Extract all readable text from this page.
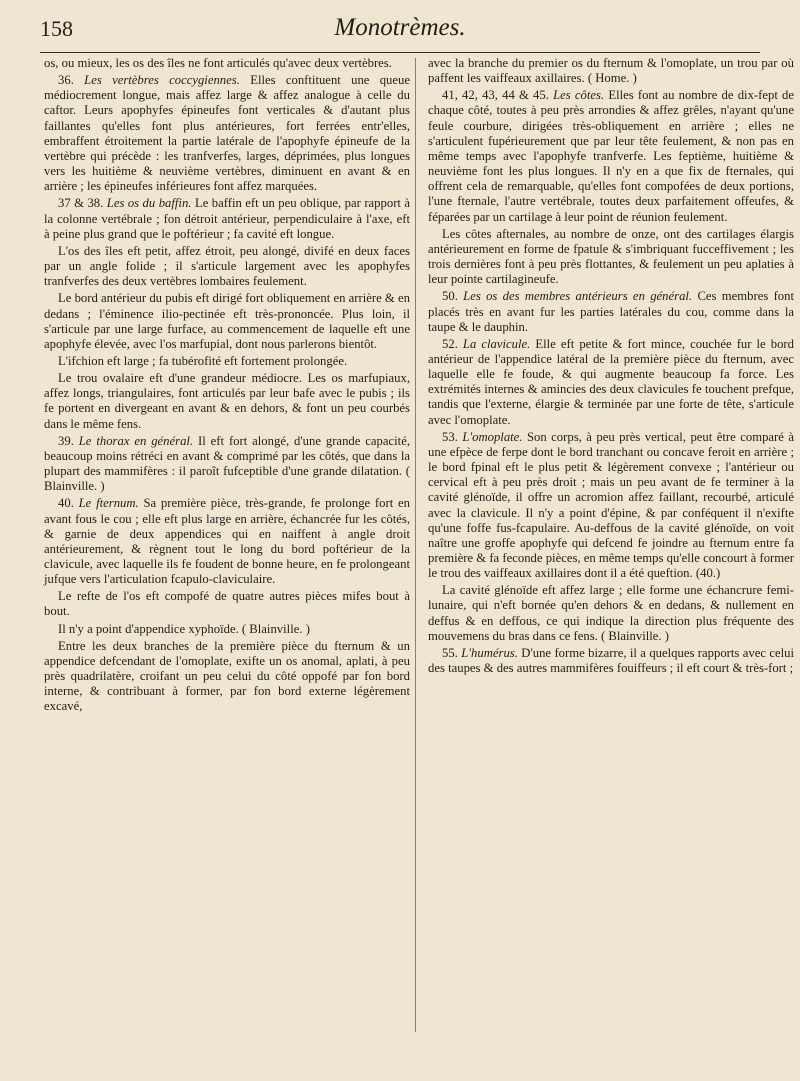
158	Monotrèmes.

os, ou mieux, les os des îles ne font articulés qu'avec deux vertèbres.

36. Les vertèbres coccygiennes. Elles conftituent une queue médiocrement longue, mais affez large & affez analogue à celle du caftor. Leurs apophyfes épineufes font verticales & d'autant plus faillantes qu'elles font plus antérieures, fort ferrées entr'elles, embraffent étroitement la partie latérale de l'apophyfe épineufe de la vertèbre qui précède : les tranfverfes, larges, déprimées, plus longues vers les huitième & neuvième vertèbres, diminuent en avant & en arrière ; les épineufes inférieures font affez marquées.

37 & 38. Les os du baffin. Le baffin eft un peu oblique, par rapport à la colonne vertébrale ; fon détroit antérieur, perpendiculaire à l'axe, eft à peine plus grand que le poftérieur ; fa cavité eft longue.

L'os des îles eft petit, affez étroit, peu alongé, divifé en deux faces par un angle folide ; il s'articule largement avec les apophyfes tranfverfes des deux vertèbres lombaires feulement.

Le bord antérieur du pubis eft dirigé fort obliquement en arrière & en dedans ; l'éminence ilio-pectinée eft très-prononcée. Plus loin, il s'articule par une large furface, au commencement de laquelle eft une apophyfe élevée, avec l'os marfupial, dont nous parlerons bientôt.

L'ifchion eft large ; fa tubérofité eft fortement prolongée.

Le trou ovalaire eft d'une grandeur médiocre. Les os marfupiaux, affez longs, triangulaires, font articulés par leur bafe avec le pubis ; ils fe portent en divergeant en avant & en dehors, & font un peu courbés dans le même fens.

39. Le thorax en général. Il eft fort alongé, d'une grande capacité, beaucoup moins rétréci en avant & comprimé par les côtés, que dans la plupart des mammifères : il paroît fufceptible d'une grande dilatation. ( Blainville. )

40. Le fternum. Sa première pièce, très-grande, fe prolonge fort en avant fous le cou ; elle eft plus large en arrière, échancrée fur les côtés, & garnie de deux appendices qui en naiffent à angle droit antérieurement, & règnent tout le long du bord poftérieur de la clavicule, avec laquelle ils fe foudent de bonne heure, en fe prolongeant jufque vers l'articulation fcapulo-claviculaire.

Le refte de l'os eft compofé de quatre autres pièces mifes bout à bout.

Il n'y a point d'appendice xyphoïde. ( Blainville. )

Entre les deux branches de la première pièce du fternum & un appendice defcendant de l'omoplate, exifte un os anomal, aplati, à peu près quadrilatère, croifant un peu celui du côté oppofé par fon bord interne, & contribuant à former, par fon bord externe légèrement excavé,

avec la branche du premier os du fternum & l'omoplate, un trou par où paffent les vaiffeaux axillaires. ( Home. )

41, 42, 43, 44 & 45. Les côtes. Elles font au nombre de dix-fept de chaque côté, toutes à peu près arrondies & affez grêles, n'ayant qu'une feule courbure, dirigées très-obliquement en arrière ; elles ne s'articulent fupérieurement que par leur tête feulement, & non pas en même temps avec l'apophyfe tranfverfe. Les feptième, huitième & neuvième font les plus longues. Il n'y en a que fix de fternales, qui offrent cela de remarquable, qu'elles font compofées de deux portions, l'une fternale, l'autre vertébrale, toutes deux parfaitement offeufes, & féparées par un cartilage à leur point de réunion feulement.

Les côtes afternales, au nombre de onze, ont des cartilages élargis antérieurement en forme de fpatule & s'imbriquant fucceffivement ; les trois dernières font à peu près flottantes, & feulement un peu aplaties à leur pointe cartilagineufe.

50. Les os des membres antérieurs en général. Ces membres font placés très en avant fur les parties latérales du cou, comme dans la taupe & le dauphin.

52. La clavicule. Elle eft petite & fort mince, couchée fur le bord antérieur de l'appendice latéral de la première pièce du fternum, avec laquelle elle fe foude, & qui augmente beaucoup fa force. Les extrémités internes & amincies des deux clavicules fe touchent prefque, tandis que l'externe, élargie & terminée par une forte de tête, s'articule avec l'omoplate.

53. L'omoplate. Son corps, à peu près vertical, peut être comparé à une efpèce de ferpe dont le bord tranchant ou concave feroit en arrière ; le bord fpinal eft le plus petit & légèrement convexe ; l'antérieur ou cervical eft à peu près droit ; mais un peu avant de fe terminer à la cavité glénoïde, il offre un acromion affez faillant, recourbé, articulé avec la clavicule. Il n'y a point d'épine, & par conféquent il n'exifte qu'une foffe fus-fcapulaire. Au-deffous de la cavité glénoïde, on voit naître une groffe apophyfe qui defcend fe joindre au fternum entre fa première & fa feconde pièces, en même temps qu'elle concourt à former le trou des vaiffeaux axillaires dont il a été queftion. (40.)

La cavité glénoïde eft affez large ; elle forme une échancrure femi-lunaire, qui n'eft bornée qu'en dehors & en dedans, & nullement en deffus & en deffous, ce qui indique la direction plus fréquente des mouvemens du bras dans ce fens. ( Blainville. )

55. L'humérus. D'une forme bizarre, il a quelques rapports avec celui des taupes & des autres mammifères fouiffeurs ; il eft court & très-fort ;
